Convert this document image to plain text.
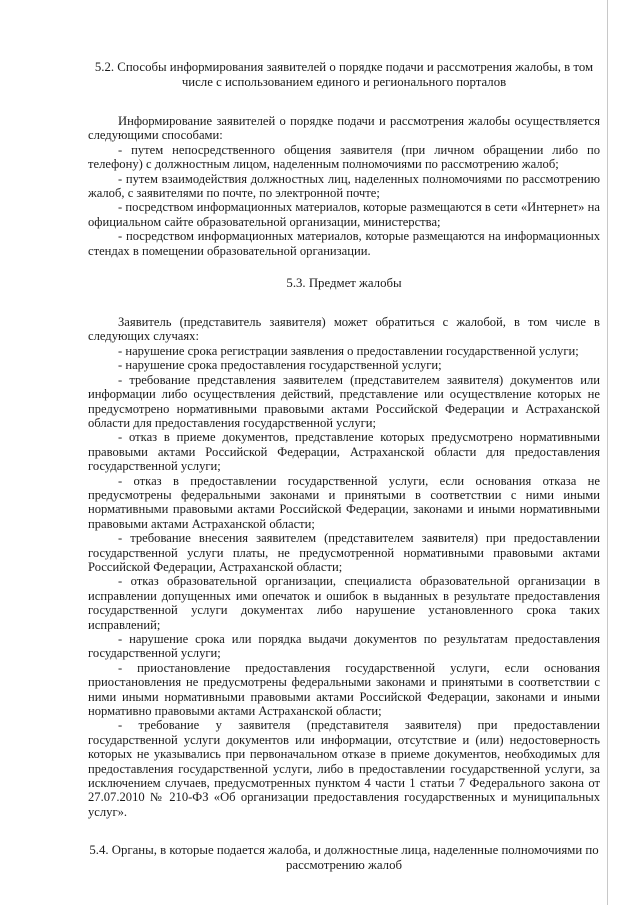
5.2. Способы информирования заявителей о порядке подачи и рассмотрения жалобы, в том числе с использованием единого и регионального порталов

Информирование заявителей о порядке подачи и рассмотрения жалобы осуществляется следующими способами:

- путем непосредственного общения заявителя (при личном обращении либо по телефону) с должностным лицом, наделенным полномочиями по рассмотрению жалоб;

- путем взаимодействия должностных лиц, наделенных полномочиями по рассмотрению жалоб, с заявителями по почте, по электронной почте;

- посредством информационных материалов, которые размещаются в сети «Интернет» на официальном сайте образовательной организации, министерства;

- посредством информационных материалов, которые размещаются на информационных стендах в помещении образовательной организации.

5.3. Предмет жалобы

Заявитель (представитель заявителя) может обратиться с жалобой, в том числе в следующих случаях:

- нарушение срока регистрации заявления о предоставлении государственной услуги;

- нарушение срока предоставления государственной услуги;

- требование представления заявителем (представителем заявителя) документов или информации либо осуществления действий, представление или осуществление которых не предусмотрено нормативными правовыми актами Российской Федерации и Астраханской области для предоставления государственной услуги;

- отказ в приеме документов, представление которых предусмотрено нормативными правовыми актами Российской Федерации, Астраханской области для предоставления государственной услуги;

- отказ в предоставлении государственной услуги, если основания отказа не предусмотрены федеральными законами и принятыми в соответствии с ними иными нормативными правовыми актами Российской Федерации, законами и иными нормативными правовыми актами Астраханской области;

- требование внесения заявителем (представителем заявителя) при предоставлении государственной услуги платы, не предусмотренной нормативными правовыми актами Российской Федерации, Астраханской области;

- отказ образовательной организации, специалиста образовательной организации в исправлении допущенных ими опечаток и ошибок в выданных в результате предоставления государственной услуги документах либо нарушение установленного срока таких исправлений;

- нарушение срока или порядка выдачи документов по результатам предоставления государственной услуги;

- приостановление предоставления государственной услуги, если основания приостановления не предусмотрены федеральными законами и принятыми в соответствии с ними иными нормативными правовыми актами Российской Федерации, законами и иными нормативно правовыми актами Астраханской области;

- требование у заявителя (представителя заявителя) при предоставлении государственной услуги документов или информации, отсутствие и (или) недостоверность которых не указывались при первоначальном отказе в приеме документов, необходимых для предоставления государственной услуги, либо в предоставлении государственной услуги, за исключением случаев, предусмотренных пунктом 4 части 1 статьи 7 Федерального закона от 27.07.2010 № 210-ФЗ «Об организации предоставления государственных и муниципальных услуг».

5.4. Органы, в которые подается жалоба, и должностные лица, наделенные полномочиями по рассмотрению жалоб
